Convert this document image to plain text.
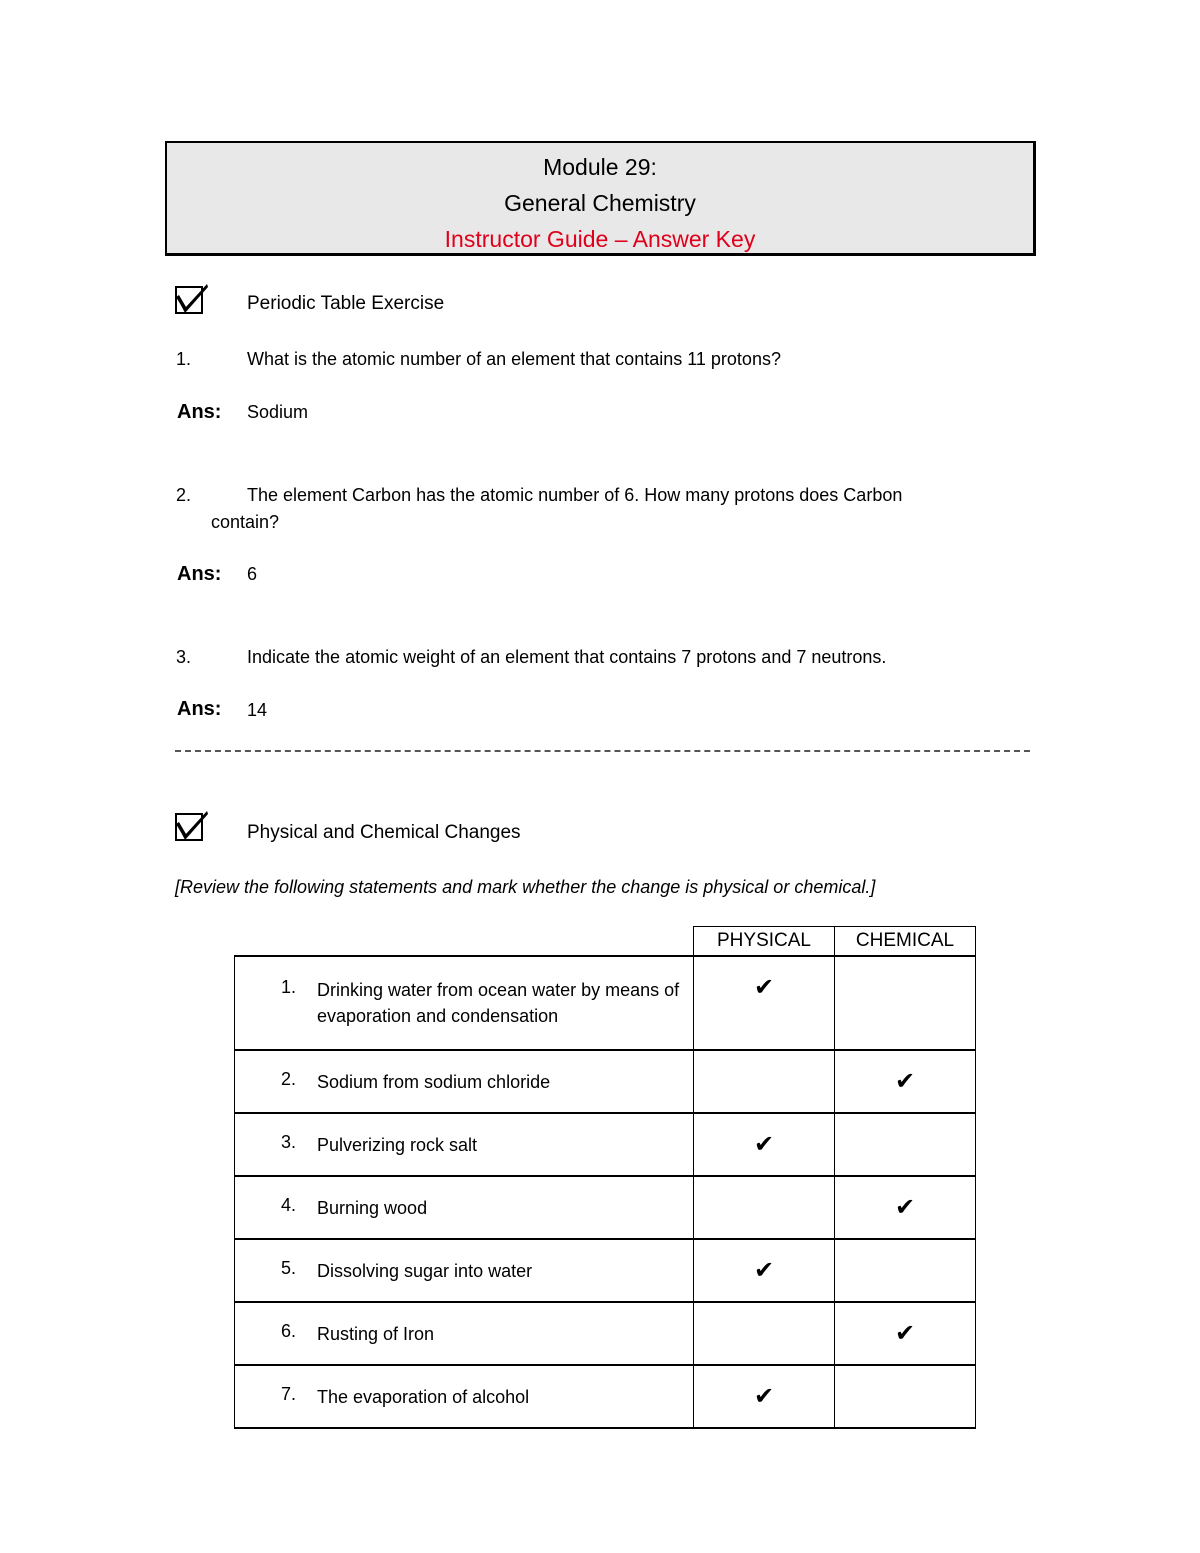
Module 29:
General Chemistry
Instructor Guide – Answer Key
Periodic Table Exercise
1.	What is the atomic number of an element that contains 11 protons?
Ans: Sodium
2.	The element Carbon has the atomic number of 6. How many protons does Carbon
contain?
Ans: 6
3.	Indicate the atomic weight of an element that contains 7 protons and 7 neutrons.
Ans: 14
Physical and Chemical Changes
[Review the following statements and mark whether the change is physical or chemical.]
	PHYSICAL	CHEMICAL

1. Drinking water from ocean water by means of evaporation and condensation	✔	

2. Sodium from sodium chloride		✔

3. Pulverizing rock salt	✔	

4. Burning wood		✔

5. Dissolving sugar into water	✔	

6. Rusting of Iron		✔

7. The evaporation of alcohol	✔	
